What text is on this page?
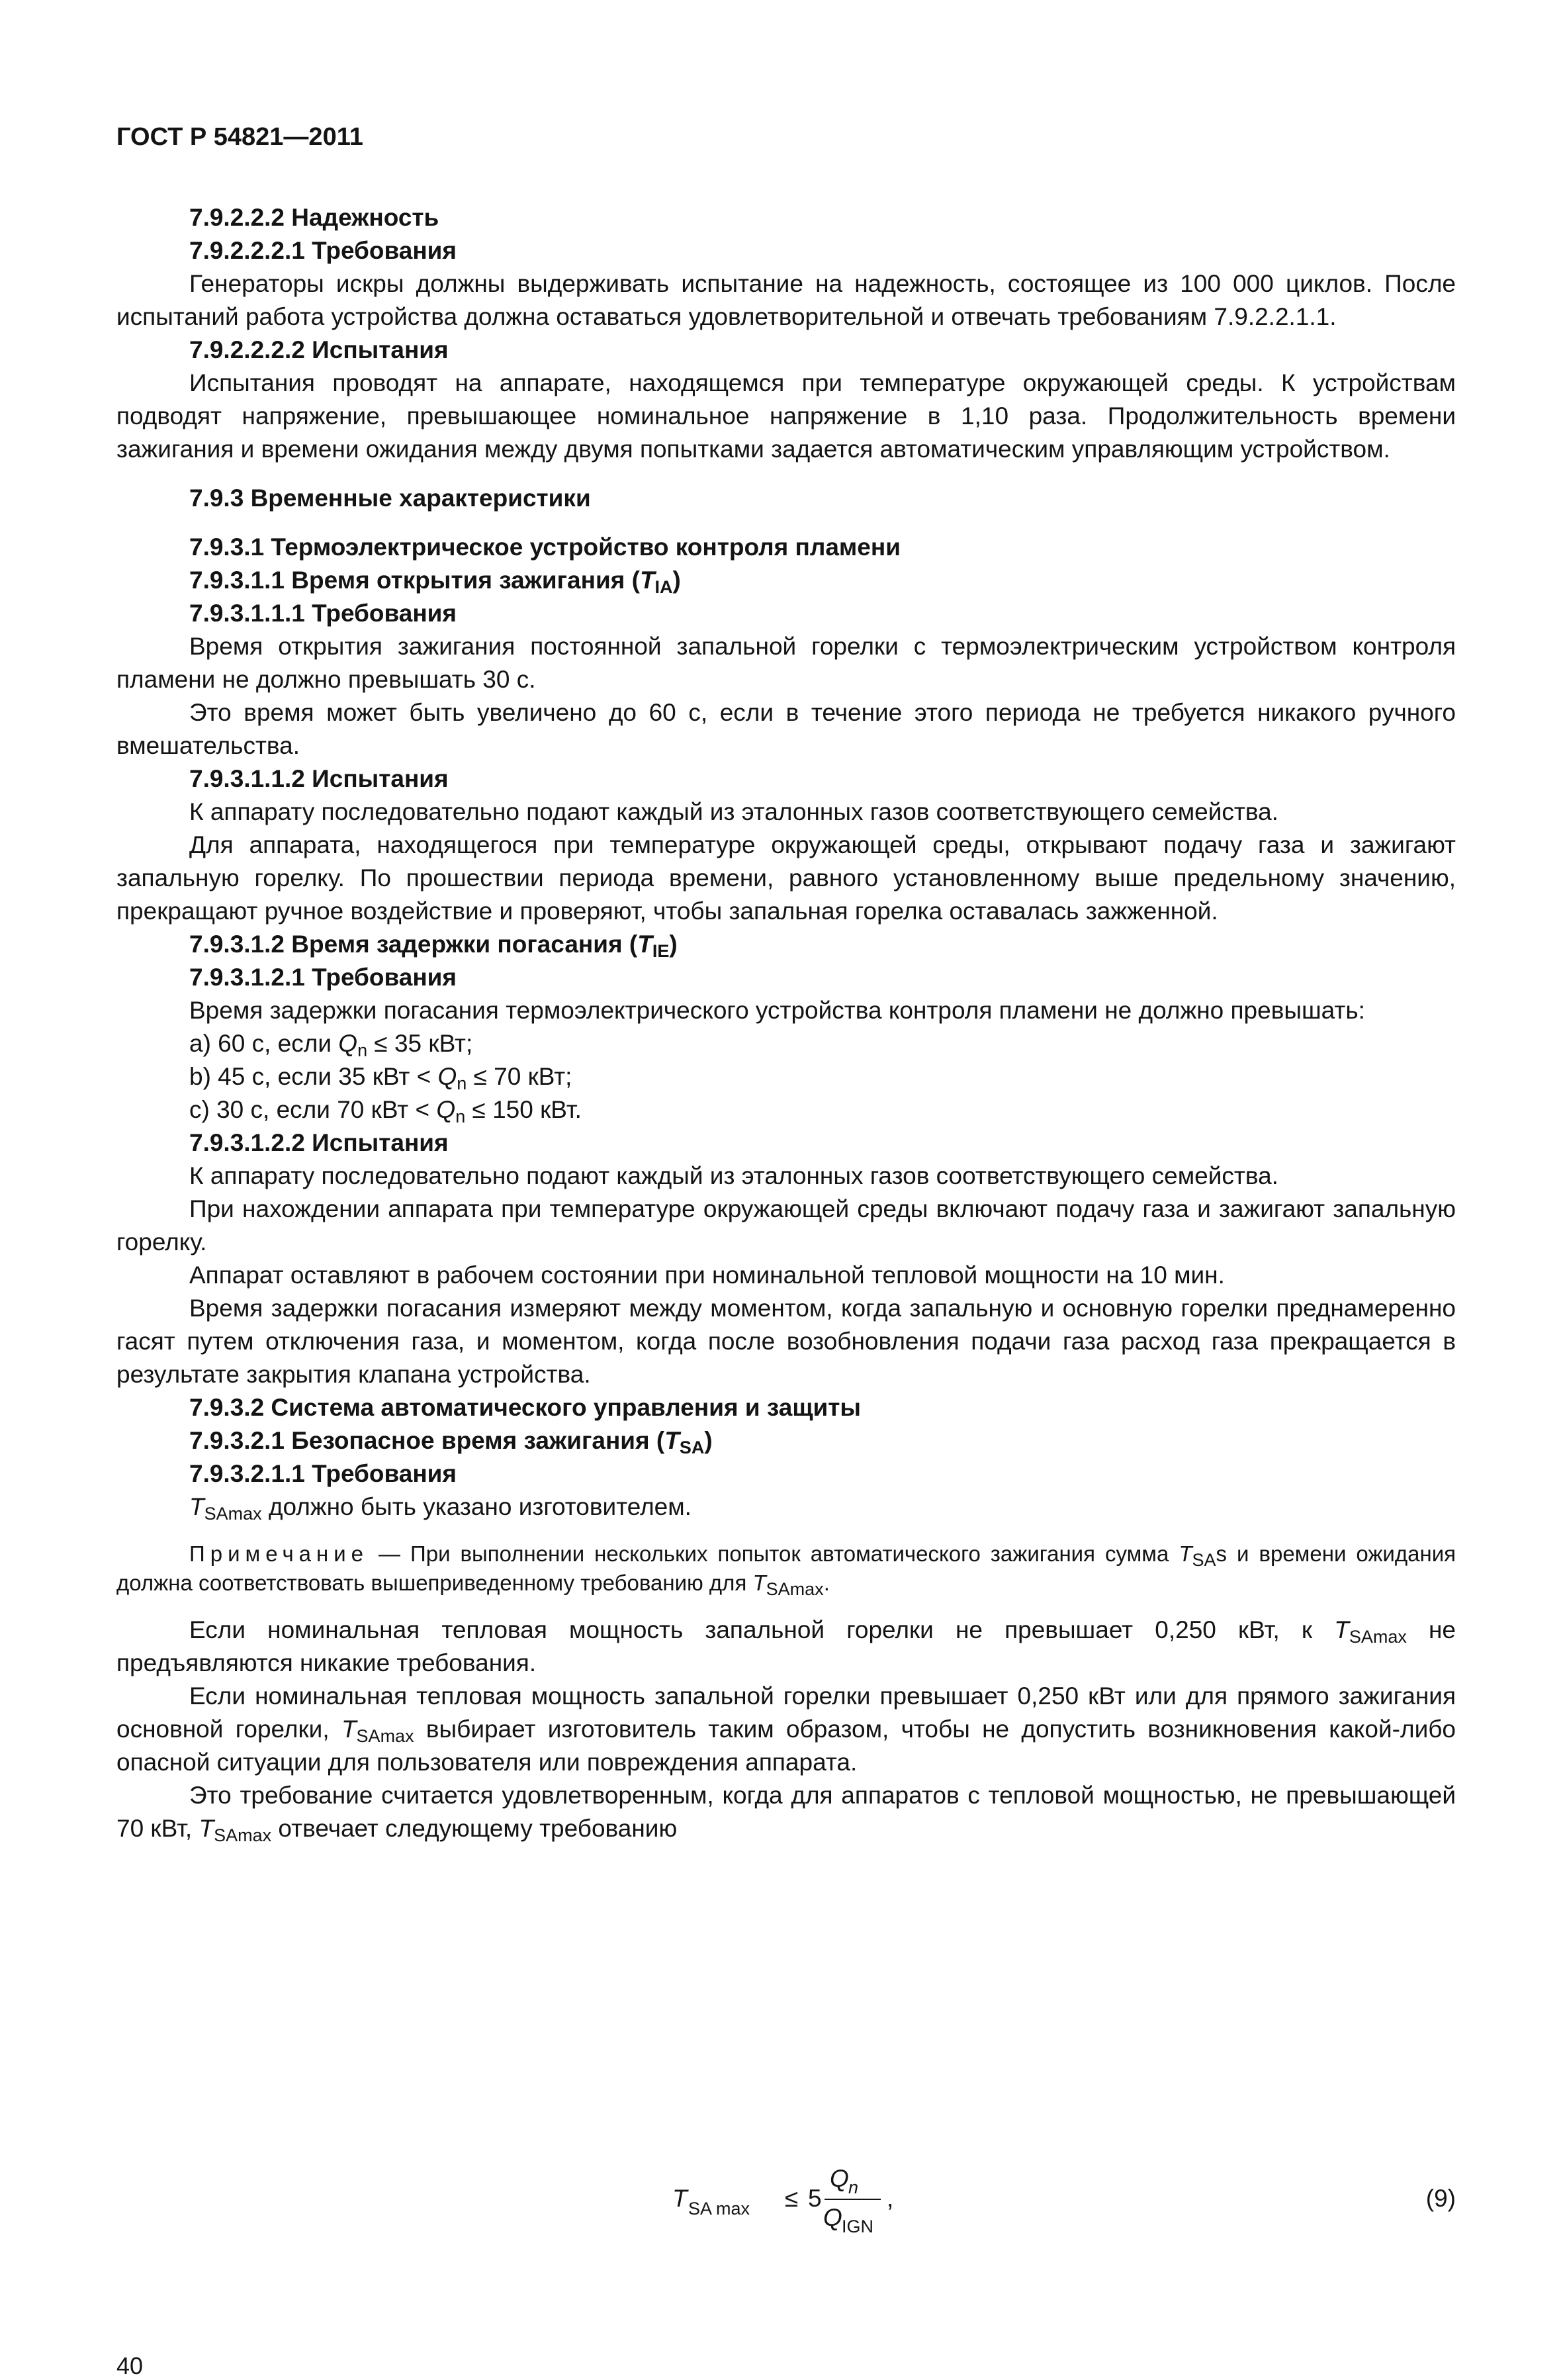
ГОСТ Р 54821—2011

7.9.2.2.2 Надежность

7.9.2.2.2.1 Требования

Генераторы искры должны выдерживать испытание на надежность, состоящее из 100 000 циклов. После испытаний работа устройства должна оставаться удовлетворительной и отвечать требованиям 7.9.2.2.1.1.

7.9.2.2.2.2 Испытания

Испытания проводят на аппарате, находящемся при температуре окружающей среды. К устройствам подводят напряжение, превышающее номинальное напряжение в 1,10 раза. Продолжительность времени зажигания и времени ожидания между двумя попытками задается автоматическим управляющим устройством.

7.9.3 Временные характеристики

7.9.3.1 Термоэлектрическое устройство контроля пламени

7.9.3.1.1 Время открытия зажигания $(T_{IA})$

7.9.3.1.1.1 Требования

Время открытия зажигания постоянной запальной горелки с термоэлектрическим устройством контроля пламени не должно превышать 30 с.

Это время может быть увеличено до 60 с, если в течение этого периода не требуется никакого ручного вмешательства.

7.9.3.1.1.2 Испытания

К аппарату последовательно подают каждый из эталонных газов соответствующего семейства.

Для аппарата, находящегося при температуре окружающей среды, открывают подачу газа и зажигают запальную горелку. По прошествии периода времени, равного установленному выше предельному значению, прекращают ручное воздействие и проверяют, чтобы запальная горелка оставалась зажженной.

7.9.3.1.2 Время задержки погасания $(T_{IE})$

7.9.3.1.2.1 Требования

Время задержки погасания термоэлектрического устройства контроля пламени не должно превышать:

a) 60 с, если $Q_n \le 35$ кВт;

b) 45 с, если 35 кВт < $Q_n \le 70$ кВт;

c) 30 с, если 70 кВт < $Q_n \le 150$ кВт.

7.9.3.1.2.2 Испытания

К аппарату последовательно подают каждый из эталонных газов соответствующего семейства.

При нахождении аппарата при температуре окружающей среды включают подачу газа и зажигают запальную горелку.

Аппарат оставляют в рабочем состоянии при номинальной тепловой мощности на 10 мин.

Время задержки погасания измеряют между моментом, когда запальную и основную горелки преднамеренно гасят путем отключения газа, и моментом, когда после возобновления подачи газа расход газа прекращается в результате закрытия клапана устройства.

7.9.3.2 Система автоматического управления и защиты

7.9.3.2.1 Безопасное время зажигания $(T_{SA})$

7.9.3.2.1.1 Требования

$T_{SAmax}$ должно быть указано изготовителем.

Примечание — При выполнении нескольких попыток автоматического зажигания сумма $T_{SA}s$ и времени ожидания должна соответствовать вышеприведенному требованию для $T_{SAmax}$.

Если номинальная тепловая мощность запальной горелки не превышает 0,250 кВт, к $T_{SAmax}$ не предъявляются никакие требования.

Если номинальная тепловая мощность запальной горелки превышает 0,250 кВт или для прямого зажигания основной горелки, $T_{SAmax}$ выбирает изготовитель таким образом, чтобы не допустить возникновения какой-либо опасной ситуации для пользователя или повреждения аппарата.

Это требование считается удовлетворенным, когда для аппаратов с тепловой мощностью, не превышающей 70 кВт, $T_{SAmax}$ отвечает следующему требованию

T SA max ≤ 5
Q n
Q IGN
,	(9)
40
